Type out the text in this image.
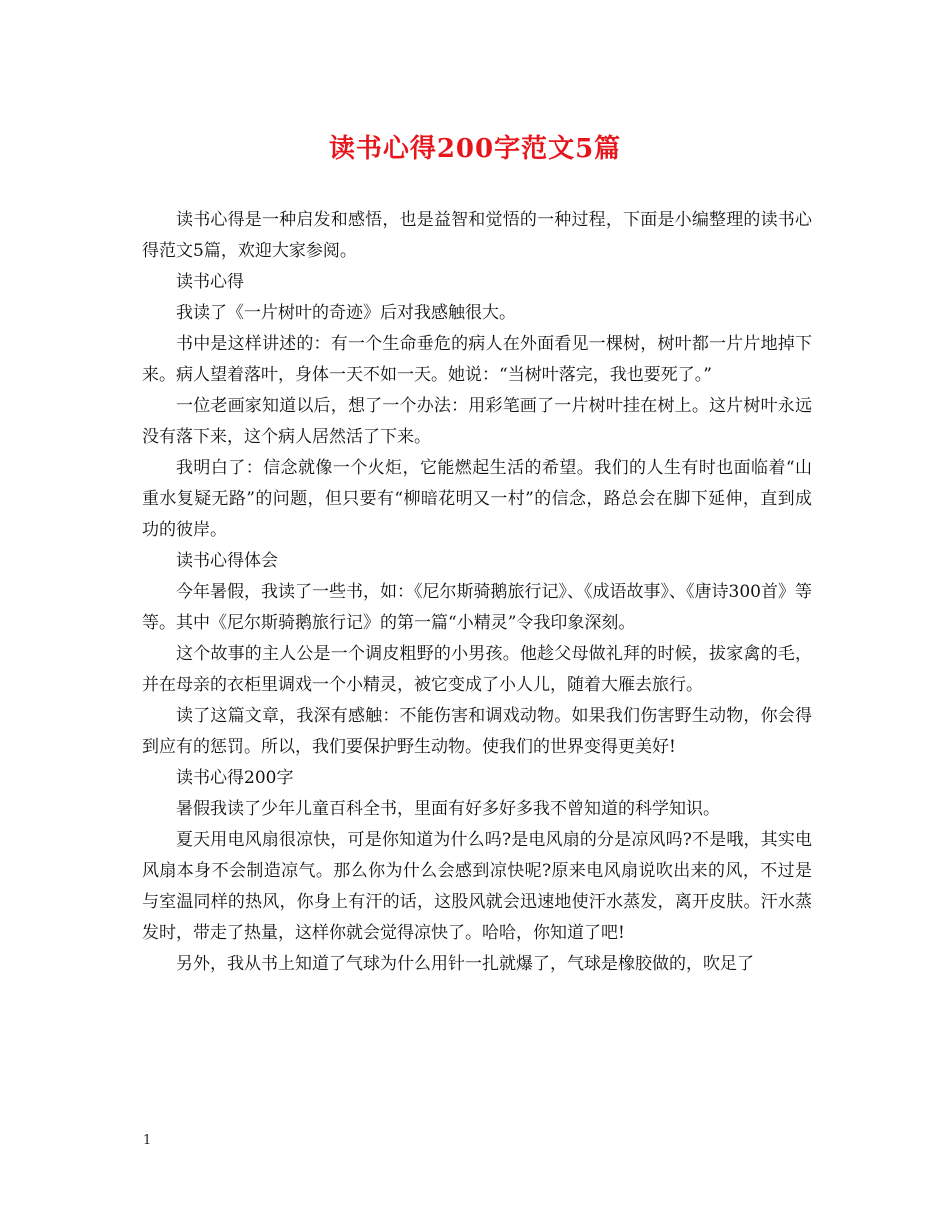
读书心得200字范文5篇

读书心得是一种启发和感悟，也是益智和觉悟的一种过程，下面是小编整理的读书心得范文5篇，欢迎大家参阅。

读书心得

我读了《一片树叶的奇迹》后对我感触很大。

书中是这样讲述的：有一个生命垂危的病人在外面看见一棵树，树叶都一片片地掉下来。病人望着落叶，身体一天不如一天。她说：“当树叶落完，我也要死了。”

一位老画家知道以后，想了一个办法：用彩笔画了一片树叶挂在树上。这片树叶永远没有落下来，这个病人居然活了下来。

我明白了：信念就像一个火炬，它能燃起生活的希望。我们的人生有时也面临着“山重水复疑无路”的问题，但只要有“柳暗花明又一村”的信念，路总会在脚下延伸，直到成功的彼岸。

读书心得体会

今年暑假，我读了一些书，如：《尼尔斯骑鹅旅行记》、《成语故事》、《唐诗300首》等等。其中《尼尔斯骑鹅旅行记》的第一篇“小精灵”令我印象深刻。

这个故事的主人公是一个调皮粗野的小男孩。他趁父母做礼拜的时候，拔家禽的毛，并在母亲的衣柜里调戏一个小精灵，被它变成了小人儿，随着大雁去旅行。

读了这篇文章，我深有感触：不能伤害和调戏动物。如果我们伤害野生动物，你会得到应有的惩罚。所以，我们要保护野生动物。使我们的世界变得更美好!

读书心得200字

暑假我读了少年儿童百科全书，里面有好多好多我不曾知道的科学知识。

夏天用电风扇很凉快，可是你知道为什么吗?是电风扇的分是凉风吗?不是哦，其实电风扇本身不会制造凉气。那么你为什么会感到凉快呢?原来电风扇说吹出来的风，不过是与室温同样的热风，你身上有汗的话，这股风就会迅速地使汗水蒸发，离开皮肤。汗水蒸发时，带走了热量，这样你就会觉得凉快了。哈哈，你知道了吧!

另外，我从书上知道了气球为什么用针一扎就爆了，气球是橡胶做的，吹足了

1
